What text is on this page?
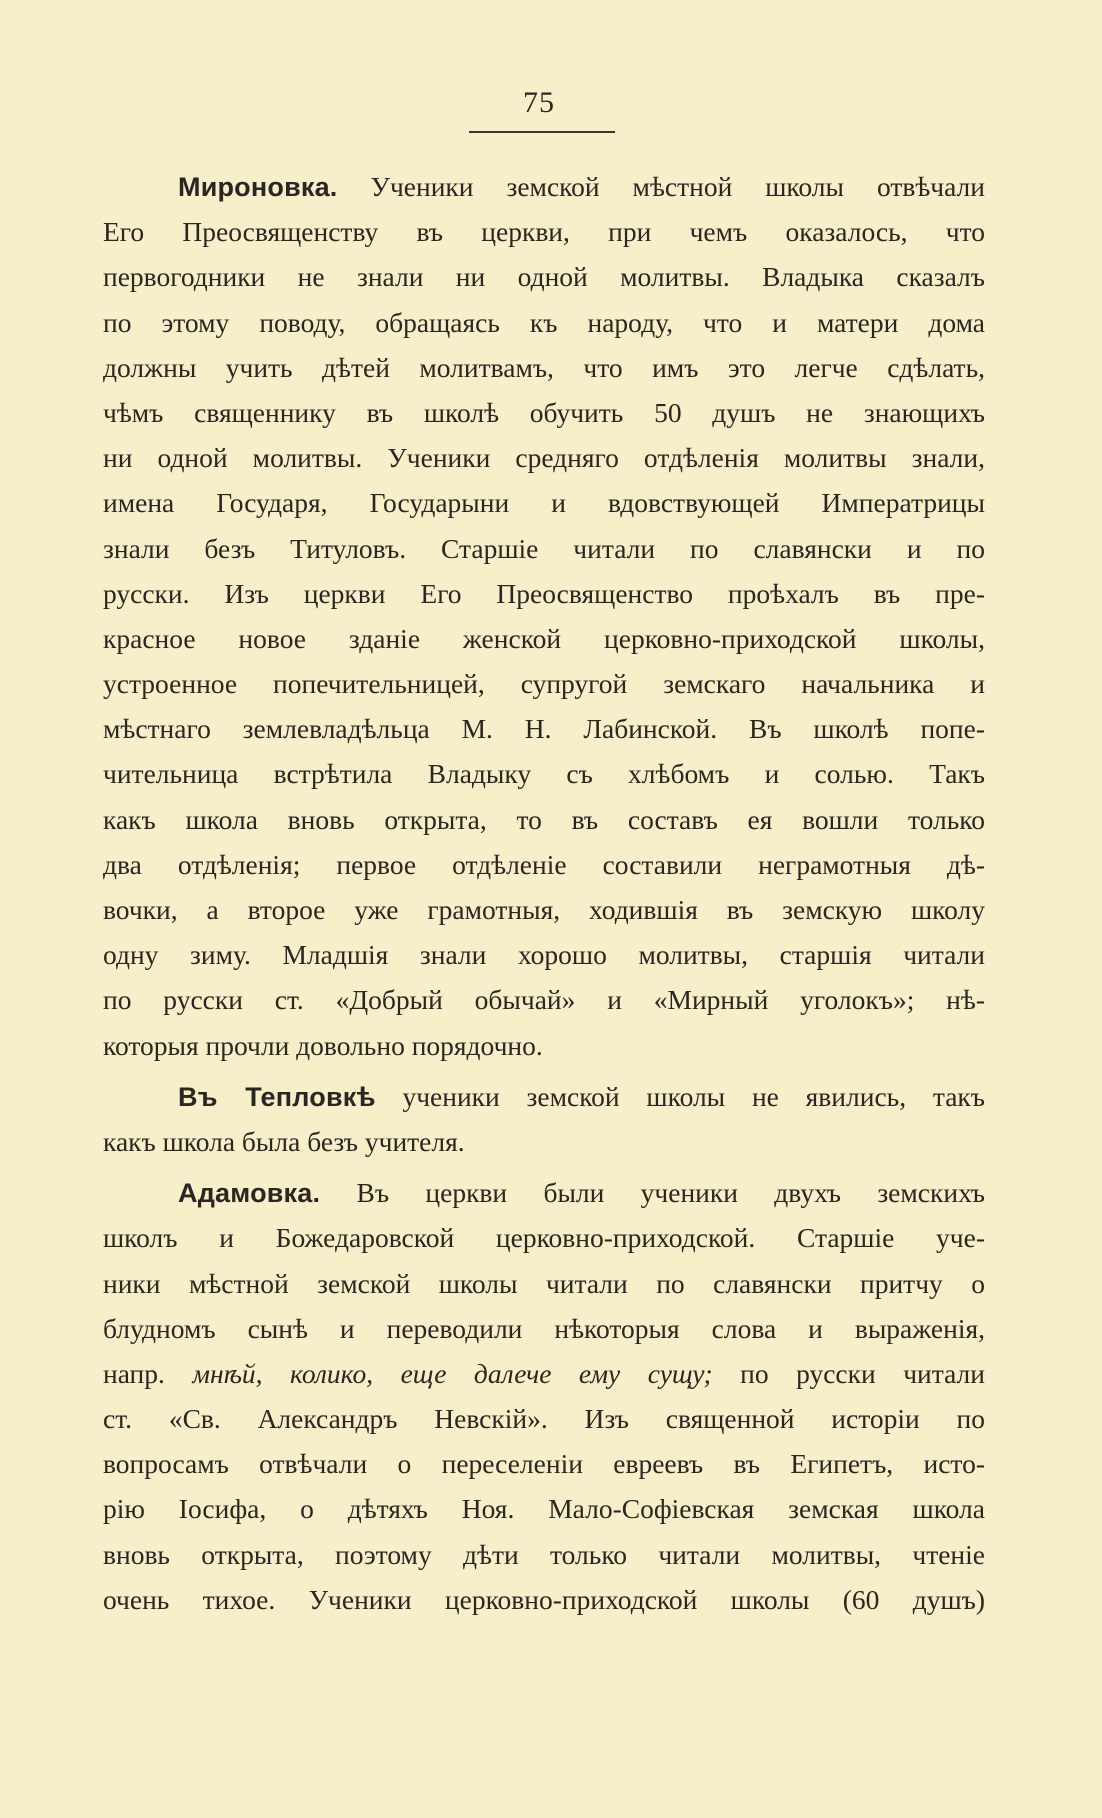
75
Мироновка. Ученики земской мѣстной школы отвѣчали
Его Преосвященству въ церкви, при чемъ оказалось, что
первогодники не знали ни одной молитвы. Владыка сказалъ
по этому поводу, обращаясь къ народу, что и матери дома
должны учить дѣтей молитвамъ, что имъ это легче сдѣлать,
чѣмъ священнику въ школѣ обучить 50 душъ не знающихъ
ни одной молитвы. Ученики средняго отдѣленія молитвы знали,
имена Государя, Государыни и вдовствующей Императрицы
знали безъ Титуловъ. Старшіе читали по славянски и по
русски. Изъ церкви Его Преосвященство проѣхалъ въ пре-
красное новое зданіе женской церковно-приходской школы,
устроенное попечительницей, супругой земскаго начальника и
мѣстнаго землевладѣльца М. Н. Лабинской. Въ школѣ попе-
чительница встрѣтила Владыку съ хлѣбомъ и солью. Такъ
какъ школа вновь открыта, то въ составъ ея вошли только
два отдѣленія; первое отдѣленіе составили неграмотныя дѣ-
вочки, а второе уже грамотныя, ходившія въ земскую школу
одну зиму. Младшія знали хорошо молитвы, старшія читали
по русски ст. «Добрый обычай» и «Мирный уголокъ»; нѣ-
которыя прочли довольно порядочно.
Въ Тепловкѣ ученики земской школы не явились, такъ
какъ школа была безъ учителя.
Адамовка. Въ церкви были ученики двухъ земскихъ
школъ и Божедаровской церковно-приходской. Старшіе уче-
ники мѣстной земской школы читали по славянски притчу о
блудномъ сынѣ и переводили нѣкоторыя слова и выраженія,
напр. мнѣй, колико, еще далече ему сущу; по русски читали
ст. «Св. Александръ Невскій». Изъ священной исторіи по
вопросамъ отвѣчали о переселеніи евреевъ въ Египетъ, исто-
рію Іосифа, о дѣтяхъ Ноя. Мало-Софіевская земская школа
вновь открыта, поэтому дѣти только читали молитвы, чтеніе
очень тихое. Ученики церковно-приходской школы (60 душъ)
